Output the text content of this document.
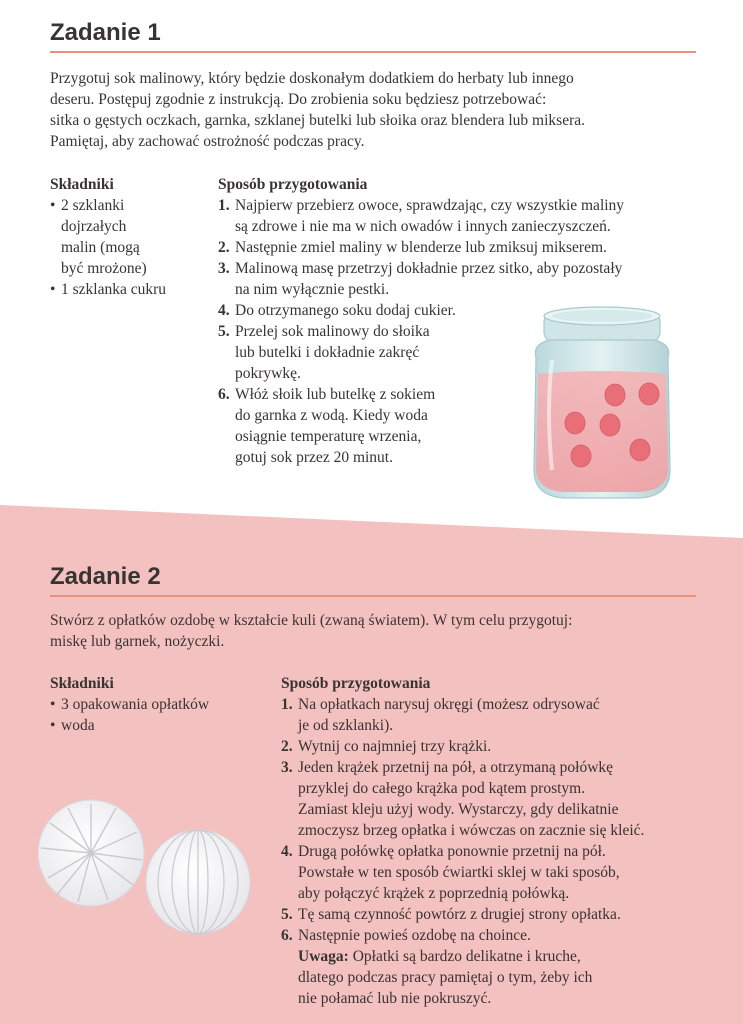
Zadanie 1
Przygotuj sok malinowy, który będzie doskonałym dodatkiem do herbaty lub innego
deseru. Postępuj zgodnie z instrukcją. Do zrobienia soku będziesz potrzebować:
sitka o gęstych oczkach, garnka, szklanej butelki lub słoika oraz blendera lub miksera.
Pamiętaj, aby zachować ostrożność podczas pracy.
Składniki
• 2 szklanki
dojrzałych
malin (mogą
być mrożone)
• 1 szklanka cukru
Sposób przygotowania
1. Najpierw przebierz owoce, sprawdzając, czy wszystkie maliny
są zdrowe i nie ma w nich owadów i innych zanieczyszczeń.
2. Następnie zmiel maliny w blenderze lub zmiksuj mikserem.
3. Malinową masę przetrzyj dokładnie przez sitko, aby pozostały
na nim wyłącznie pestki.
4. Do otrzymanego soku dodaj cukier.
5. Przelej sok malinowy do słoika
lub butelki i dokładnie zakręć
pokrywkę.
6. Włóż słoik lub butelkę z sokiem
do garnka z wodą. Kiedy woda
osiągnie temperaturę wrzenia,
gotuj sok przez 20 minut.
Zadanie 2
Stwórz z opłatków ozdobę w kształcie kuli (zwaną światem). W tym celu przygotuj:
miskę lub garnek, nożyczki.
Składniki
• 3 opakowania opłatków
• woda
Sposób przygotowania
1. Na opłatkach narysuj okręgi (możesz odrysować
je od szklanki).
2. Wytnij co najmniej trzy krążki.
3. Jeden krążek przetnij na pół, a otrzymaną połówkę
przyklej do całego krążka pod kątem prostym.
Zamiast kleju użyj wody. Wystarczy, gdy delikatnie
zmoczysz brzeg opłatka i wówczas on zacznie się kleić.
4. Drugą połówkę opłatka ponownie przetnij na pół.
Powstałe w ten sposób ćwiartki sklej w taki sposób,
aby połączyć krążek z poprzednią połówką.
5. Tę samą czynność powtórz z drugiej strony opłatka.
6. Następnie powieś ozdobę na choince.
Uwaga: Opłatki są bardzo delikatne i kruche,
dlatego podczas pracy pamiętaj o tym, żeby ich
nie połamać lub nie pokruszyć.
